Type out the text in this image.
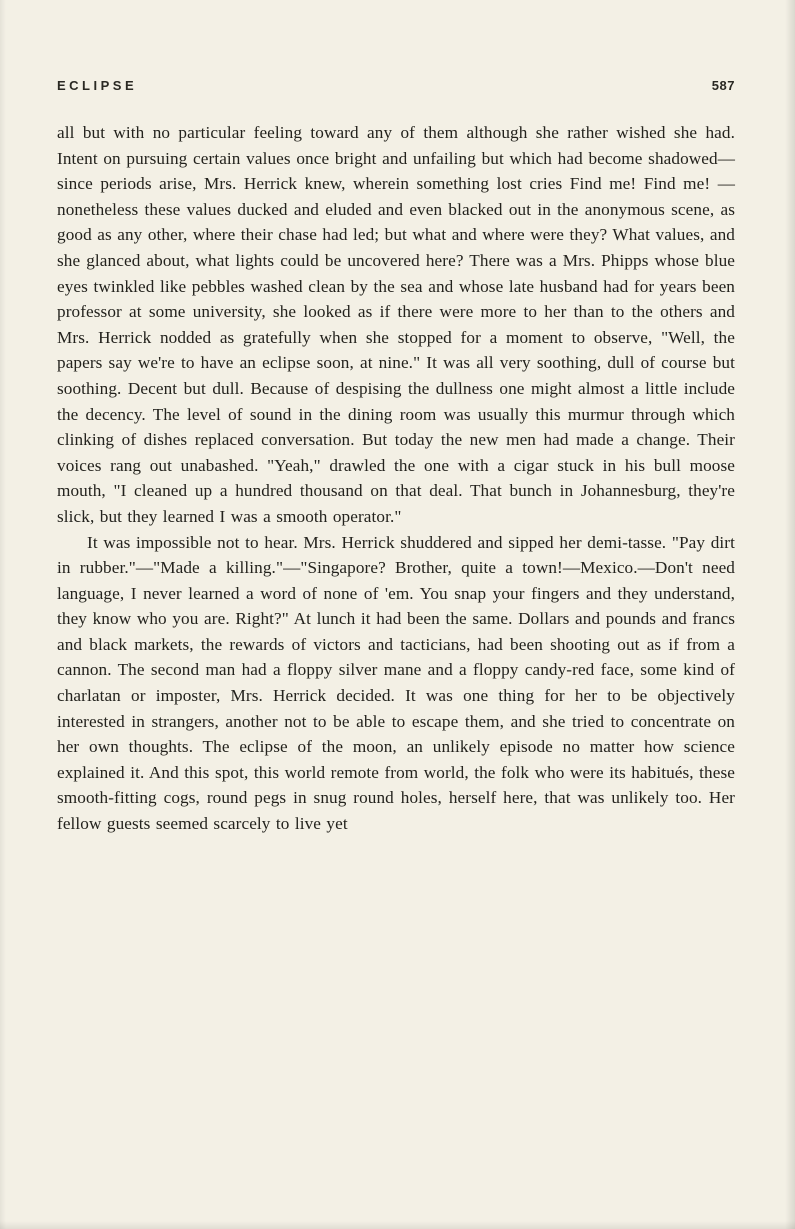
ECLIPSE	587

all but with no particular feeling toward any of them although she rather wished she had. Intent on pursuing certain values once bright and unfailing but which had become shadowed—since periods arise, Mrs. Herrick knew, wherein something lost cries Find me! Find me! —nonetheless these values ducked and eluded and even blacked out in the anonymous scene, as good as any other, where their chase had led; but what and where were they? What values, and she glanced about, what lights could be uncovered here? There was a Mrs. Phipps whose blue eyes twinkled like pebbles washed clean by the sea and whose late husband had for years been professor at some university, she looked as if there were more to her than to the others and Mrs. Herrick nodded as gratefully when she stopped for a moment to observe, "Well, the papers say we're to have an eclipse soon, at nine." It was all very soothing, dull of course but soothing. Decent but dull. Because of despising the dullness one might almost a little include the decency. The level of sound in the dining room was usually this murmur through which clinking of dishes replaced conversation. But today the new men had made a change. Their voices rang out unabashed. "Yeah," drawled the one with a cigar stuck in his bull moose mouth, "I cleaned up a hundred thousand on that deal. That bunch in Johannesburg, they're slick, but they learned I was a smooth operator."

It was impossible not to hear. Mrs. Herrick shuddered and sipped her demi-tasse. "Pay dirt in rubber."—"Made a killing."—"Singapore? Brother, quite a town!—Mexico.—Don't need language, I never learned a word of none of 'em. You snap your fingers and they understand, they know who you are. Right?" At lunch it had been the same. Dollars and pounds and francs and black markets, the rewards of victors and tacticians, had been shooting out as if from a cannon. The second man had a floppy silver mane and a floppy candy-red face, some kind of charlatan or imposter, Mrs. Herrick decided. It was one thing for her to be objectively interested in strangers, another not to be able to escape them, and she tried to concentrate on her own thoughts. The eclipse of the moon, an unlikely episode no matter how science explained it. And this spot, this world remote from world, the folk who were its habitués, these smooth-fitting cogs, round pegs in snug round holes, herself here, that was unlikely too. Her fellow guests seemed scarcely to live yet
